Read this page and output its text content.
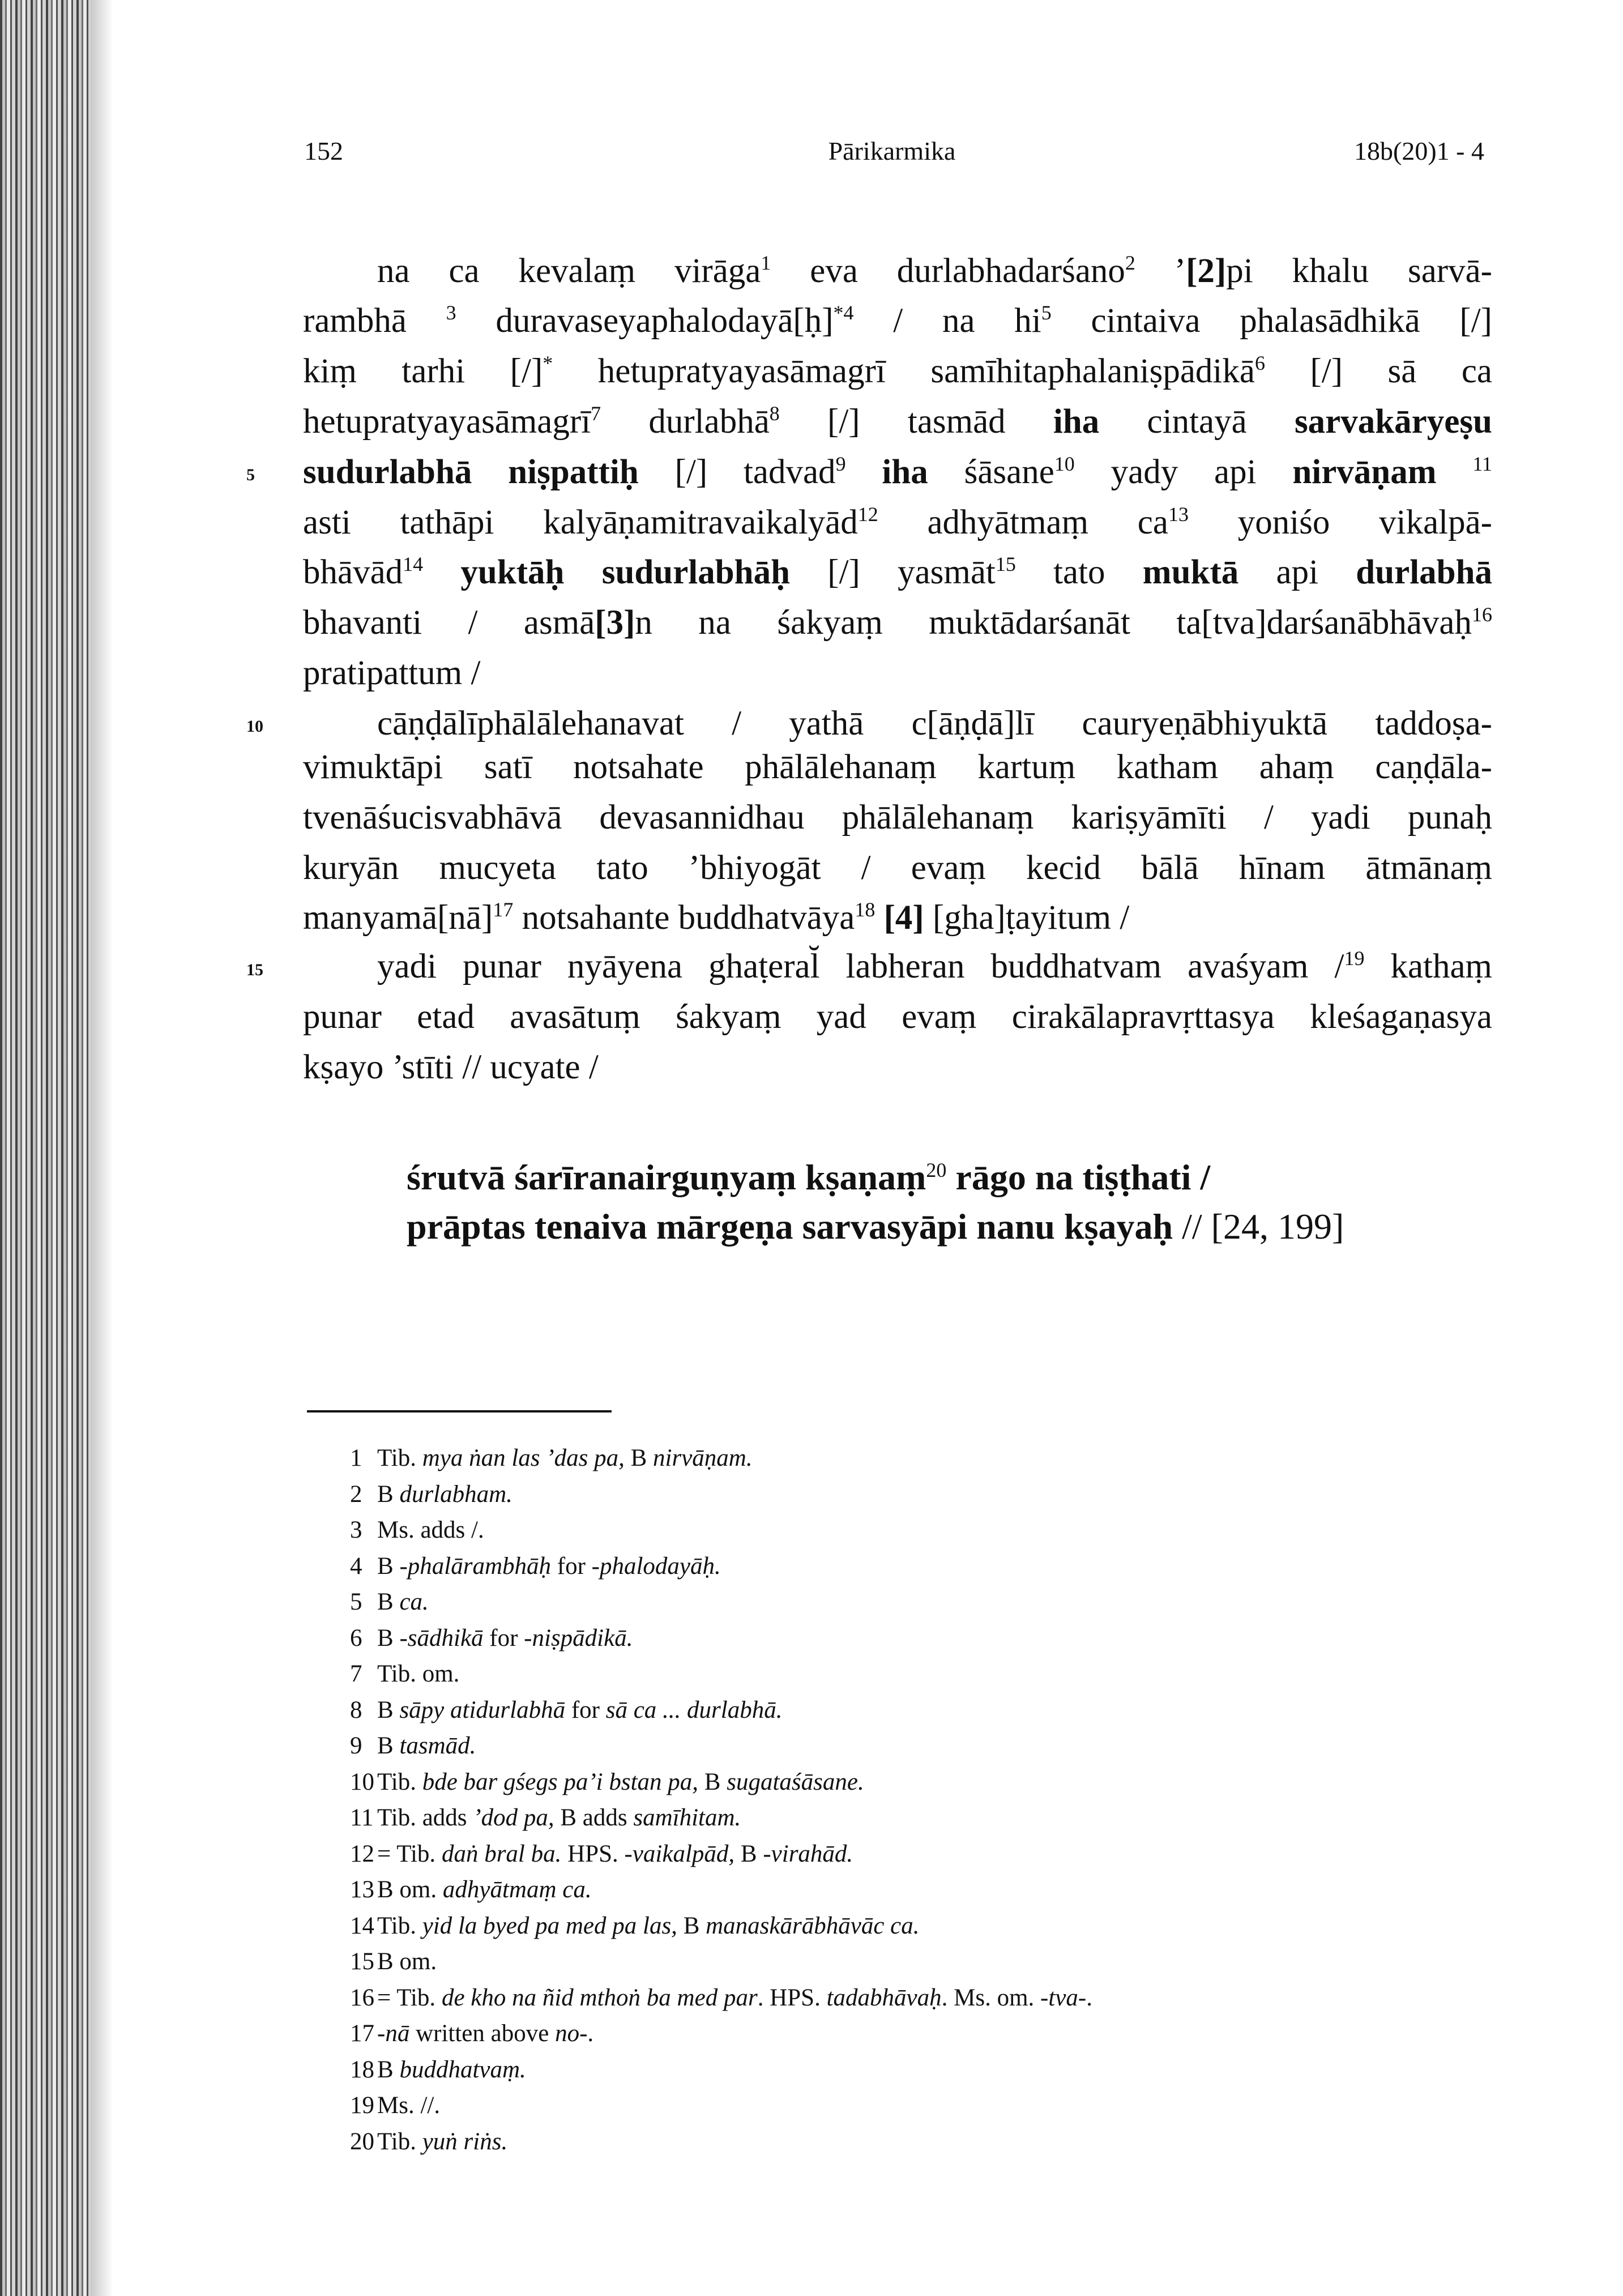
152	Pārikarmika	18b(20)1 - 4
5
10
15
na ca kevalaṃ virāga$^1$ eva durlabhadarśano$^2$ ’[2]pi khalu sarvā-
rambhā $^3$ duravaseyaphalodayā[ḥ]$^{*4}$ / na $hi^5$ cintaiva phalasādhikā [/]
kiṃ tarhi [/]* hetupratyayasāmagrī samīhitaphalaniṣpādikā$^6$ [/] sā ca
hetupratyayasāmagrī$^7$ durlabhā$^8$ [/] tasmād iha cintayā sarvakāryeṣu
sudurlabhā niṣpattiḥ [/] tadvad$^9$ iha śāsane$^{10}$ yady api nirvāṇam $^{11}$
asti tathāpi kalyāṇamitravaikalyād$^{12}$ adhyātmaṃ $ca^{13}$ yoniśo vikalpā-
bhāvād$^{14}$ yuktāḥ sudurlabhāḥ [/] yasmāt$^{15}$ tato muktā api durlabhā
bhavanti / asmā[3]n na śakyaṃ muktādarśanāt ta[tva]darśanābhāvaḥ$^{16}$
pratipattum /
cāṇḍālīphālālehanavat / yathā c[āṇḍā]lī cauryeṇābhiyuktā taddoṣa-
vimuktāpi satī notsahate phālālehanaṃ kartuṃ katham ahaṃ caṇḍāla-
tvenāśucisvabhāvā devasannidhau phālālehanaṃ kariṣyāmīti / yadi punaḥ
kuryān mucyeta tato ’bhiyogāt / evaṃ kecid bālā hīnam ātmānaṃ
manyamā[nā]$^{17}$ notsahante buddhatvāya$^{18}$ [4] [gha]ṭayitum /
yadi punar nyāyena ghaṭeral̆ labheran buddhatvam avaśyam /$^{19}$ kathaṃ
punar etad avasātuṃ śakyaṃ yad evaṃ cirakālapravṛttasya kleśagaṇasya
kṣayo ’stīti // ucyate /
śrutvā śarīranairguṇyaṃ kṣaṇaṃ$^{20}$ rāgo na tiṣṭhati /
prāptas tenaiva mārgeṇa sarvasyāpi nanu kṣayaḥ // [24, 199]
1 Tib. mya ṅan las ’das pa, B nirvāṇam.
2 B durlabham.
3 Ms. adds /.
4 B -phalārambhāḥ for -phalodayāḥ.
5 B ca.
6 B -sādhikā for -niṣpādikā.
7 Tib. om.
8 B sāpy atidurlabhā for sā ca ... durlabhā.
9 B tasmād.
10 Tib. bde bar gśegs pa’i bstan pa, B sugataśāsane.
11 Tib. adds ’dod pa, B adds samīhitam.
12 = Tib. daṅ bral ba. HPS. -vaikalpād, B -virahād.
13 B om. adhyātmaṃ ca.
14 Tib. yid la byed pa med pa las, B manaskārābhāvāc ca.
15 B om.
16 = Tib. de kho na ñid mthoṅ ba med par. HPS. tadabhāvaḥ. Ms. om. -tva-.
17 -nā written above no-.
18 B buddhatvaṃ.
19 Ms. //.
20 Tib. yuṅ riṅs.
